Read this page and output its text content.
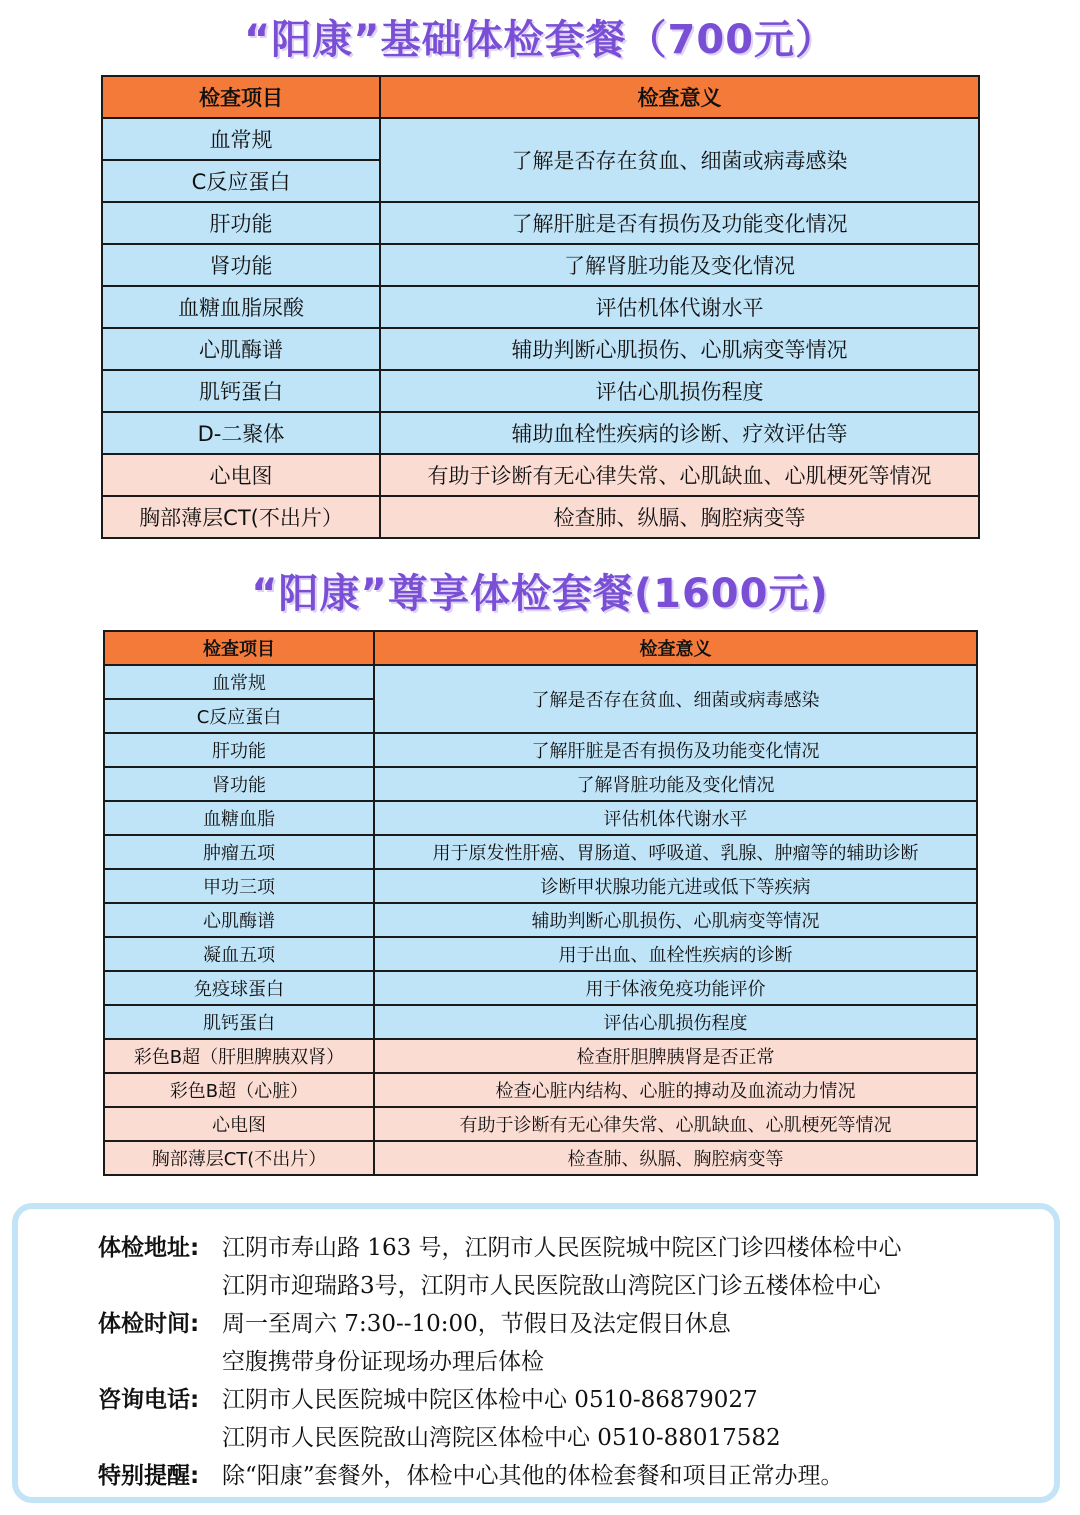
“阳康”基础体检套餐（700元）
检查项目	检查意义
血常规	了解是否存在贫血、细菌或病毒感染
C反应蛋白	
肝功能	了解肝脏是否有损伤及功能变化情况
肾功能	了解肾脏功能及变化情况
血糖血脂尿酸	评估机体代谢水平
心肌酶谱	辅助判断心肌损伤、心肌病变等情况
肌钙蛋白	评估心肌损伤程度
D-二聚体	辅助血栓性疾病的诊断、疗效评估等
心电图	有助于诊断有无心律失常、心肌缺血、心肌梗死等情况
胸部薄层CT(不出片）	检查肺、纵膈、胸腔病变等
“阳康”尊享体检套餐(1600元)
检查项目	检查意义
血常规	了解是否存在贫血、细菌或病毒感染
C反应蛋白	
肝功能	了解肝脏是否有损伤及功能变化情况
肾功能	了解肾脏功能及变化情况
血糖血脂	评估机体代谢水平
肿瘤五项	用于原发性肝癌、胃肠道、呼吸道、乳腺、肿瘤等的辅助诊断
甲功三项	诊断甲状腺功能亢进或低下等疾病
心肌酶谱	辅助判断心肌损伤、心肌病变等情况
凝血五项	用于出血、血栓性疾病的诊断
免疫球蛋白	用于体液免疫功能评价
肌钙蛋白	评估心肌损伤程度
彩色B超（肝胆脾胰双肾）	检查肝胆脾胰肾是否正常
彩色B超（心脏）	检查心脏内结构、心脏的搏动及血流动力情况
心电图	有助于诊断有无心律失常、心肌缺血、心肌梗死等情况
胸部薄层CT(不出片）	检查肺、纵膈、胸腔病变等
体检地址: 江阴市寿山路 163 号，江阴市人民医院城中院区门诊四楼体检中心
江阴市迎瑞路3号，江阴市人民医院敔山湾院区门诊五楼体检中心
体检时间: 周一至周六 7:30--10:00，节假日及法定假日休息
空腹携带身份证现场办理后体检
咨询电话: 江阴市人民医院城中院区体检中心 0510-86879027
江阴市人民医院敔山湾院区体检中心 0510-88017582
特别提醒: 除“阳康”套餐外，体检中心其他的体检套餐和项目正常办理。
